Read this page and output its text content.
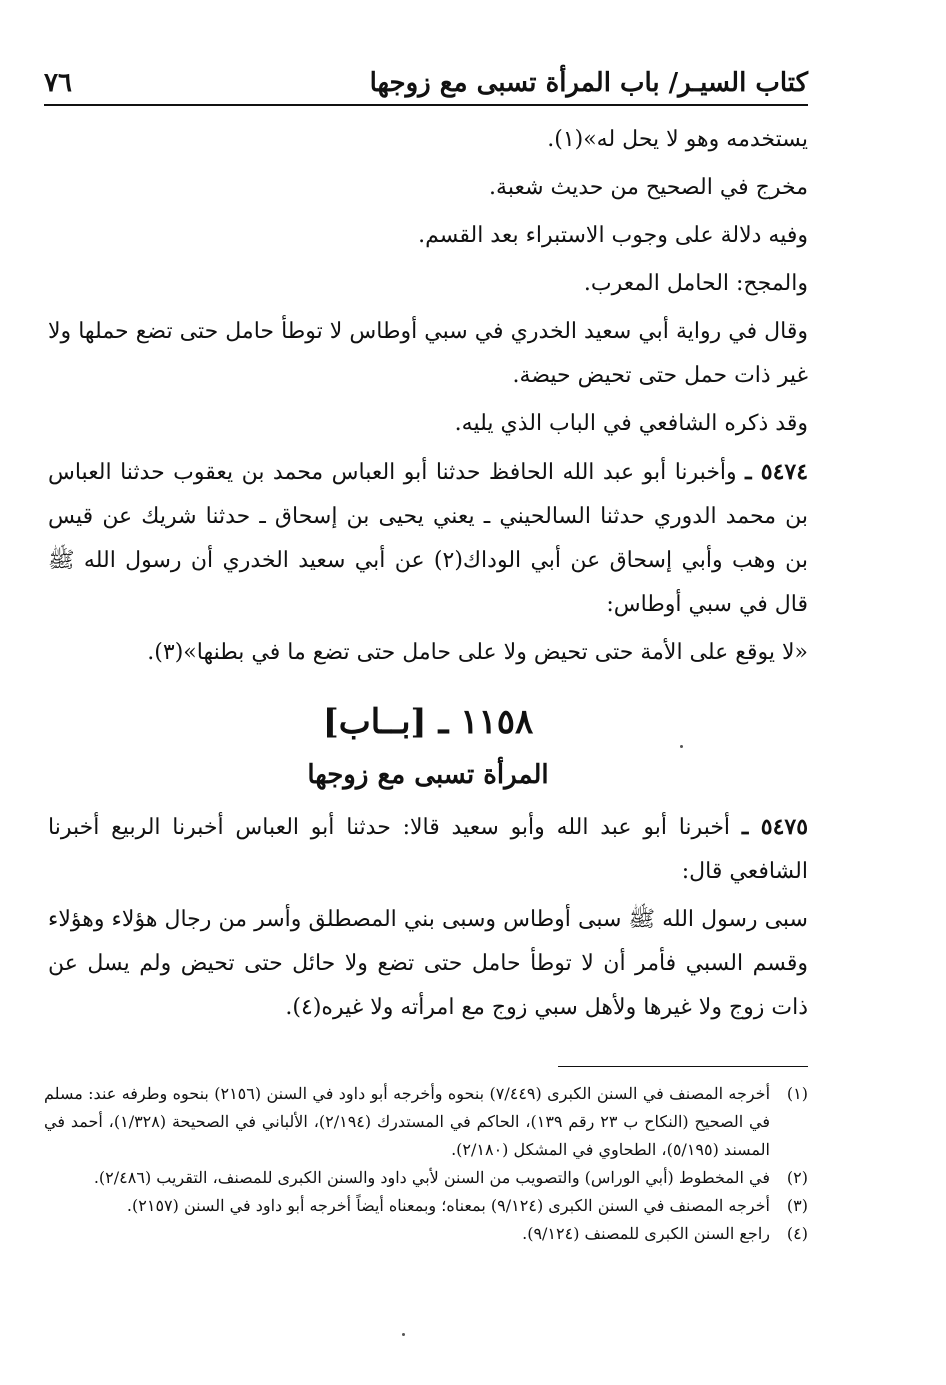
كتاب السيـر/ باب المرأة تسبى مع زوجها
٧٦

يستخدمه وهو لا يحل له»(١).

مخرج في الصحيح من حديث شعبة.

وفيه دلالة على وجوب الاستبراء بعد القسم.

والمجح: الحامل المعرب.

وقال في رواية أبي سعيد الخدري في سبي أوطاس لا توطأ حامل حتى تضع حملها ولا غير ذات حمل حتى تحيض حيضة.

وقد ذكره الشافعي في الباب الذي يليه.

٥٤٧٤ ـ وأخبرنا أبو عبد الله الحافظ حدثنا أبو العباس محمد بن يعقوب حدثنا العباس بن محمد الدوري حدثنا السالحيني ـ يعني يحيى بن إسحاق ـ حدثنا شريك عن قيس بن وهب وأبي إسحاق عن أبي الوداك(٢) عن أبي سعيد الخدري أن رسول الله ﷺ قال في سبي أوطاس:

«لا يوقع على الأمة حتى تحيض ولا على حامل حتى تضع ما في بطنها»(٣).

١١٥٨ ـ [بــاب]
المرأة تسبى مع زوجها

٥٤٧٥ ـ أخبرنا أبو عبد الله وأبو سعيد قالا: حدثنا أبو العباس أخبرنا الربيع أخبرنا الشافعي قال:

سبى رسول الله ﷺ سبى أوطاس وسبى بني المصطلق وأسر من رجال هؤلاء وهؤلاء وقسم السبي فأمر أن لا توطأ حامل حتى تضع ولا حائل حتى تحيض ولم يسل عن ذات زوج ولا غيرها ولأهل سبي زوج مع امرأته ولا غيره(٤).

(١)
أخرجه المصنف في السنن الكبرى (٧/٤٤٩) بنحوه وأخرجه أبو داود في السنن (٢١٥٦) بنحوه وطرفه عند: مسلم في الصحيح (النكاح ب ٢٣ رقم ١٣٩)، الحاكم في المستدرك (٢/١٩٤)، الألباني في الصحيحة (١/٣٢٨)، أحمد في المسند (٥/١٩٥)، الطحاوي في المشكل (٢/١٨٠).
(٢)
في المخطوط (أبي الوراس) والتصويب من السنن لأبي داود والسنن الكبرى للمصنف، التقريب (٢/٤٨٦).
(٣)
أخرجه المصنف في السنن الكبرى (٩/١٢٤) بمعناه؛ وبمعناه أيضاً أخرجه أبو داود في السنن (٢١٥٧).
(٤)
راجع السنن الكبرى للمصنف (٩/١٢٤).
